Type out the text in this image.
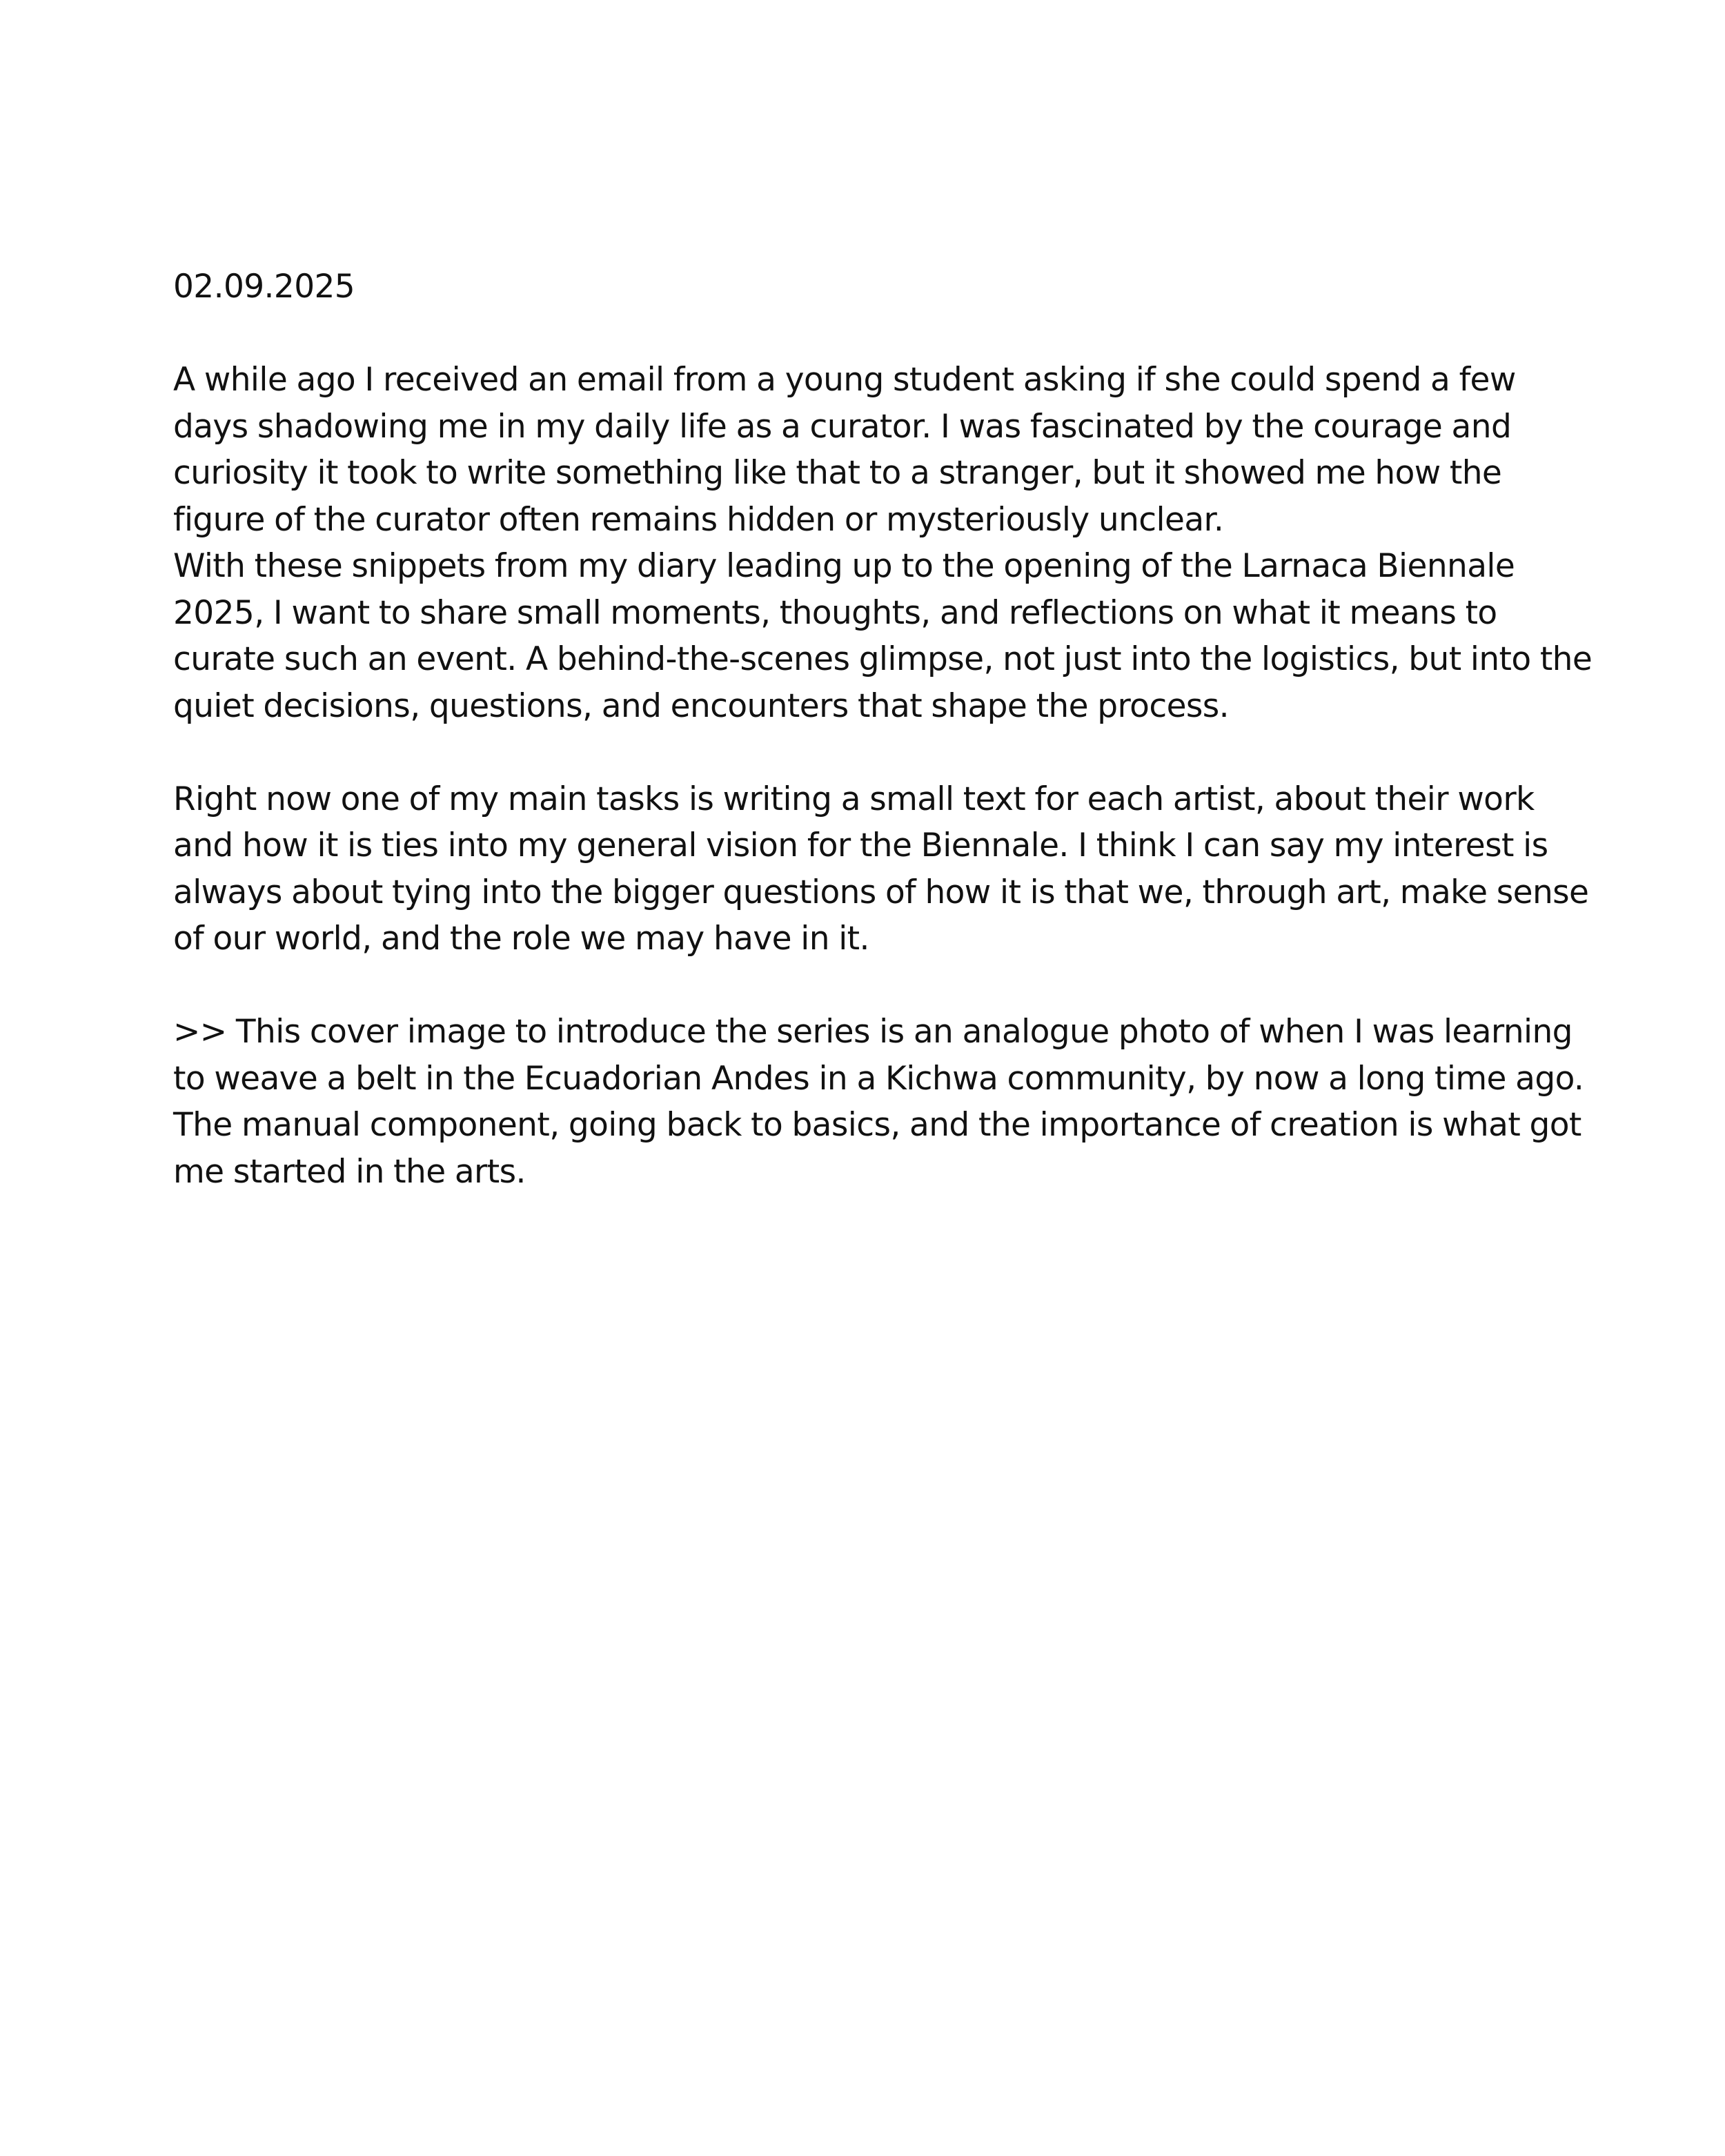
02.09.2025

A while ago I received an email from a young student asking if she could spend a few days shadowing me in my daily life as a curator. I was fascinated by the courage and curiosity it took to write something like that to a stranger, but it showed me how the figure of the curator often remains hidden or mysteriously unclear.

With these snippets from my diary leading up to the opening of the Larnaca Biennale 2025, I want to share small moments, thoughts, and reflections on what it means to curate such an event. A behind-the-scenes glimpse, not just into the logistics, but into the quiet decisions, questions, and encounters that shape the process.

Right now one of my main tasks is writing a small text for each artist, about their work and how it is ties into my general vision for the Biennale. I think I can say my interest is always about tying into the bigger questions of how it is that we, through art, make sense of our world, and the role we may have in it.

>> This cover image to introduce the series is an analogue photo of when I was learning to weave a belt in the Ecuadorian Andes in a Kichwa community, by now a long time ago. The manual component, going back to basics, and the importance of creation is what got me started in the arts.
